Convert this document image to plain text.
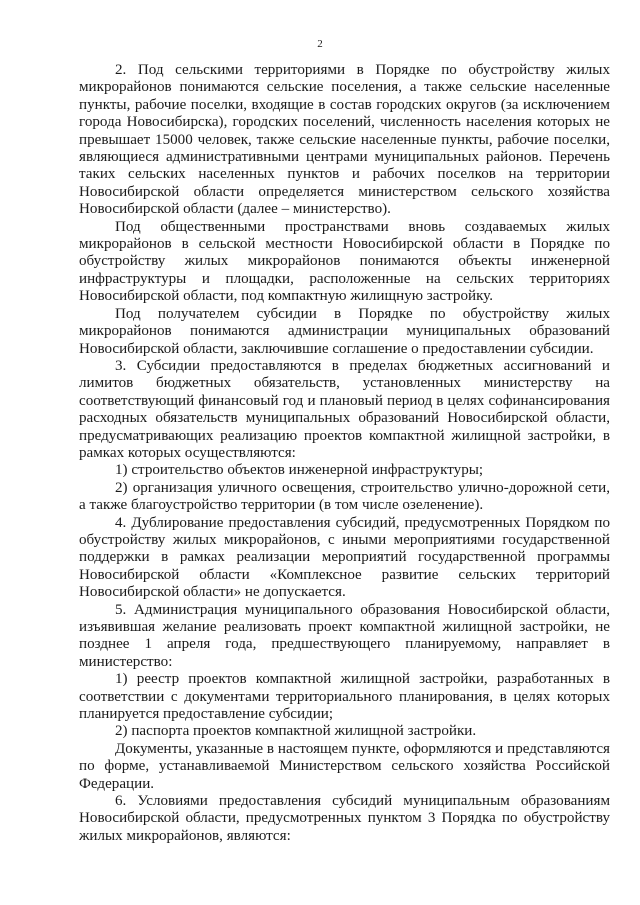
2

2. Под сельскими территориями в Порядке по обустройству жилых микрорайонов понимаются сельские поселения, а также сельские населенные пункты, рабочие поселки, входящие в состав городских округов (за исключением города Новосибирска), городских поселений, численность населения которых не превышает 15000 человек, также сельские населенные пункты, рабочие поселки, являющиеся административными центрами муниципальных районов. Перечень таких сельских населенных пунктов и рабочих поселков на территории Новосибирской области определяется министерством сельского хозяйства Новосибирской области (далее – министерство).

Под общественными пространствами вновь создаваемых жилых микрорайонов в сельской местности Новосибирской области в Порядке по обустройству жилых микрорайонов понимаются объекты инженерной инфраструктуры и площадки, расположенные на сельских территориях Новосибирской области, под компактную жилищную застройку.

Под получателем субсидии в Порядке по обустройству жилых микрорайонов понимаются администрации муниципальных образований Новосибирской области, заключившие соглашение о предоставлении субсидии.

3. Субсидии предоставляются в пределах бюджетных ассигнований и лимитов бюджетных обязательств, установленных министерству на соответствующий финансовый год и плановый период в целях софинансирования расходных обязательств муниципальных образований Новосибирской области, предусматривающих реализацию проектов компактной жилищной застройки, в рамках которых осуществляются:

1) строительство объектов инженерной инфраструктуры;

2) организация уличного освещения, строительство улично-дорожной сети, а также благоустройство территории (в том числе озеленение).

4. Дублирование предоставления субсидий, предусмотренных Порядком по обустройству жилых микрорайонов, с иными мероприятиями государственной поддержки в рамках реализации мероприятий государственной программы Новосибирской области «Комплексное развитие сельских территорий Новосибирской области» не допускается.

5. Администрация муниципального образования Новосибирской области, изъявившая желание реализовать проект компактной жилищной застройки, не позднее 1 апреля года, предшествующего планируемому, направляет в министерство:

1) реестр проектов компактной жилищной застройки, разработанных в соответствии с документами территориального планирования, в целях которых планируется предоставление субсидии;

2) паспорта проектов компактной жилищной застройки.

Документы, указанные в настоящем пункте, оформляются и представляются по форме, устанавливаемой Министерством сельского хозяйства Российской Федерации.

6. Условиями предоставления субсидий муниципальным образованиям Новосибирской области, предусмотренных пунктом 3 Порядка по обустройству жилых микрорайонов, являются:
